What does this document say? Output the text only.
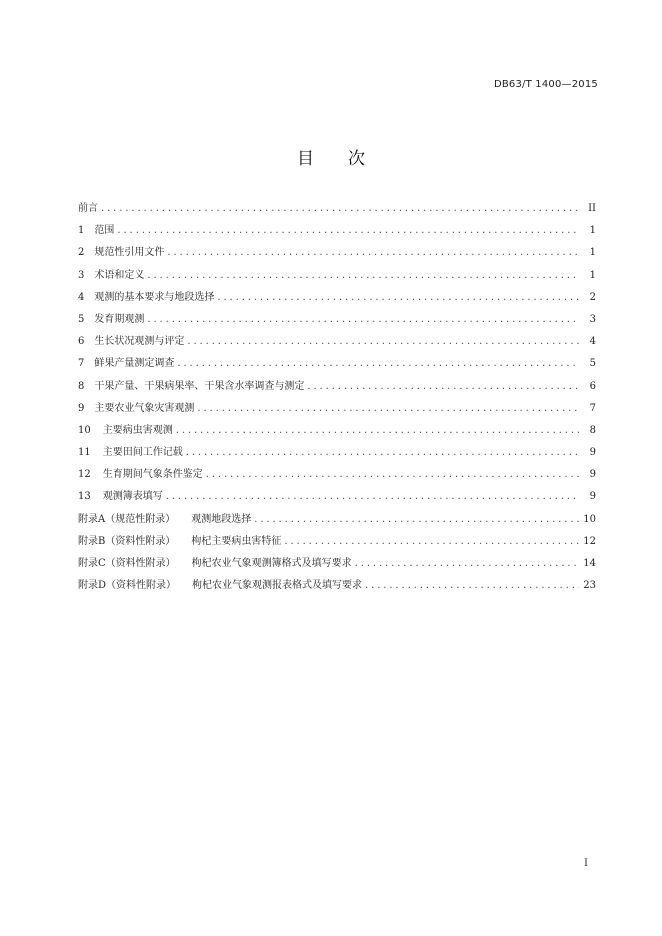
DB63/T 1400—2015
目 次
前言 .....	II
1 范围 .....	1
2 规范性引用文件 .....	1
3 术语和定义 .....	1
4 观测的基本要求与地段选择 .....	2
5 发育期观测 .....	3
6 生长状况观测与评定 .....	4
7 鲜果产量测定调查 .....	5
8 干果产量、干果病果率、干果含水率调查与测定 .....	6
9 主要农业气象灾害观测 .....	7
10 主要病虫害观测 .....	8
11 主要田间工作记载 .....	9
12 生育期间气象条件鉴定 .....	9
13 观测簿表填写 .....	9
附录A（规范性附录） 观测地段选择 .....	10
附录B（资料性附录） 枸杞主要病虫害特征 .....	12
附录C（资料性附录） 枸杞农业气象观测簿格式及填写要求 .....	14
附录D（资料性附录） 枸杞农业气象观测报表格式及填写要求 .....	23
I
